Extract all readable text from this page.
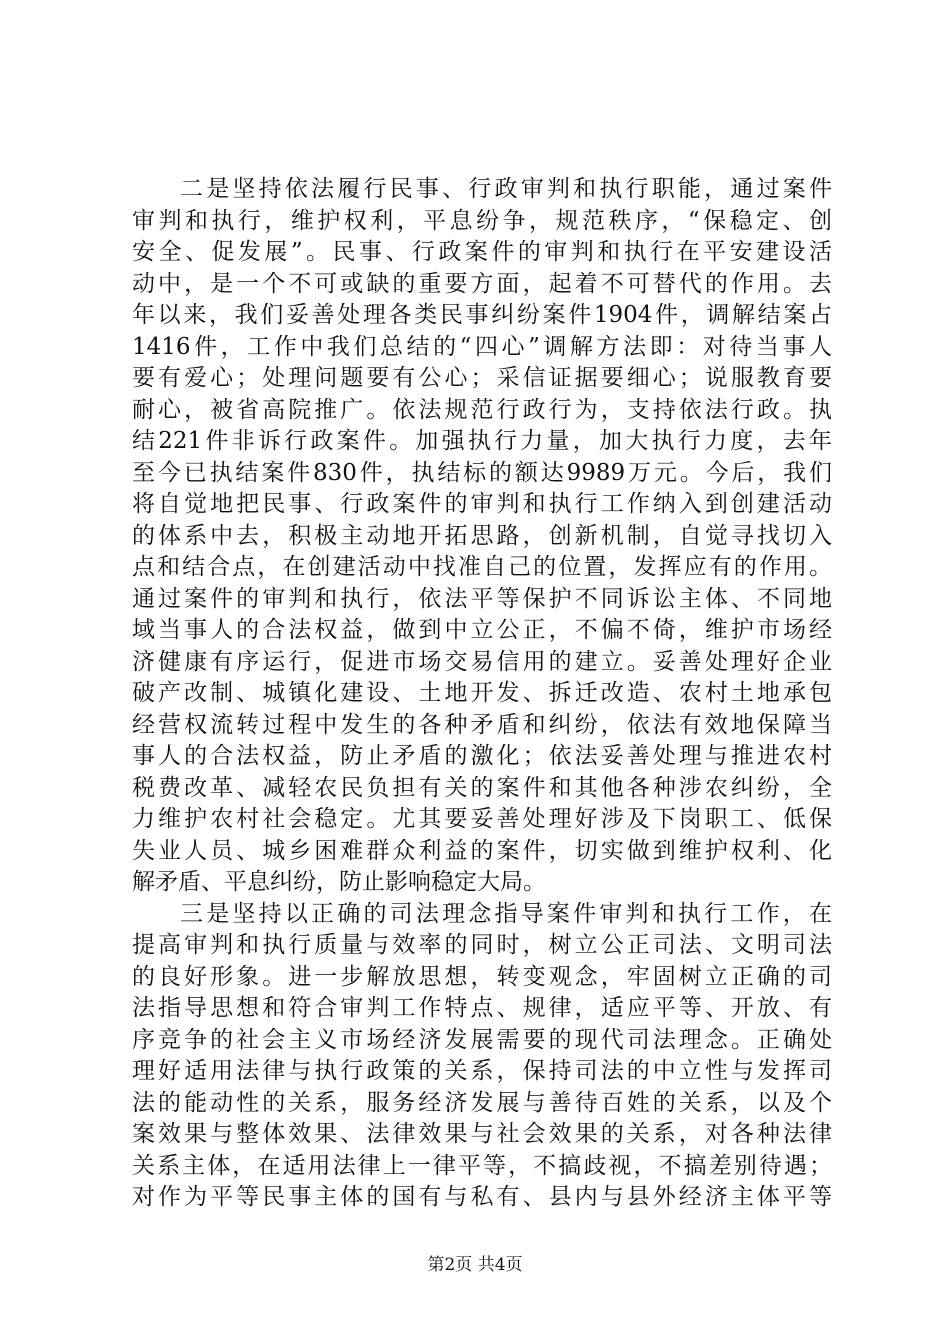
二是坚持依法履行民事、行政审判和执行职能，通过案件
审判和执行，维护权利，平息纷争，规范秩序，“保稳定、创
安全、促发展”。民事、行政案件的审判和执行在平安建设活
动中，是一个不可或缺的重要方面，起着不可替代的作用。去
年以来，我们妥善处理各类民事纠纷案件1904件，调解结案占
1416件，工作中我们总结的“四心”调解方法即：对待当事人
要有爱心；处理问题要有公心；采信证据要细心；说服教育要
耐心，被省高院推广。依法规范行政行为，支持依法行政。执
结221件非诉行政案件。加强执行力量，加大执行力度，去年
至今已执结案件830件，执结标的额达9989万元。今后，我们
将自觉地把民事、行政案件的审判和执行工作纳入到创建活动
的体系中去，积极主动地开拓思路，创新机制，自觉寻找切入
点和结合点，在创建活动中找准自己的位置，发挥应有的作用。
通过案件的审判和执行，依法平等保护不同诉讼主体、不同地
域当事人的合法权益，做到中立公正，不偏不倚，维护市场经
济健康有序运行，促进市场交易信用的建立。妥善处理好企业
破产改制、城镇化建设、土地开发、拆迁改造、农村土地承包
经营权流转过程中发生的各种矛盾和纠纷，依法有效地保障当
事人的合法权益，防止矛盾的激化；依法妥善处理与推进农村
税费改革、减轻农民负担有关的案件和其他各种涉农纠纷，全
力维护农村社会稳定。尤其要妥善处理好涉及下岗职工、低保
失业人员、城乡困难群众利益的案件，切实做到维护权利、化
解矛盾、平息纠纷，防止影响稳定大局。
三是坚持以正确的司法理念指导案件审判和执行工作，在
提高审判和执行质量与效率的同时，树立公正司法、文明司法
的良好形象。进一步解放思想，转变观念，牢固树立正确的司
法指导思想和符合审判工作特点、规律，适应平等、开放、有
序竞争的社会主义市场经济发展需要的现代司法理念。正确处
理好适用法律与执行政策的关系，保持司法的中立性与发挥司
法的能动性的关系，服务经济发展与善待百姓的关系，以及个
案效果与整体效果、法律效果与社会效果的关系，对各种法律
关系主体，在适用法律上一律平等，不搞歧视，不搞差别待遇；
对作为平等民事主体的国有与私有、县内与县外经济主体平等
第2页 共4页
